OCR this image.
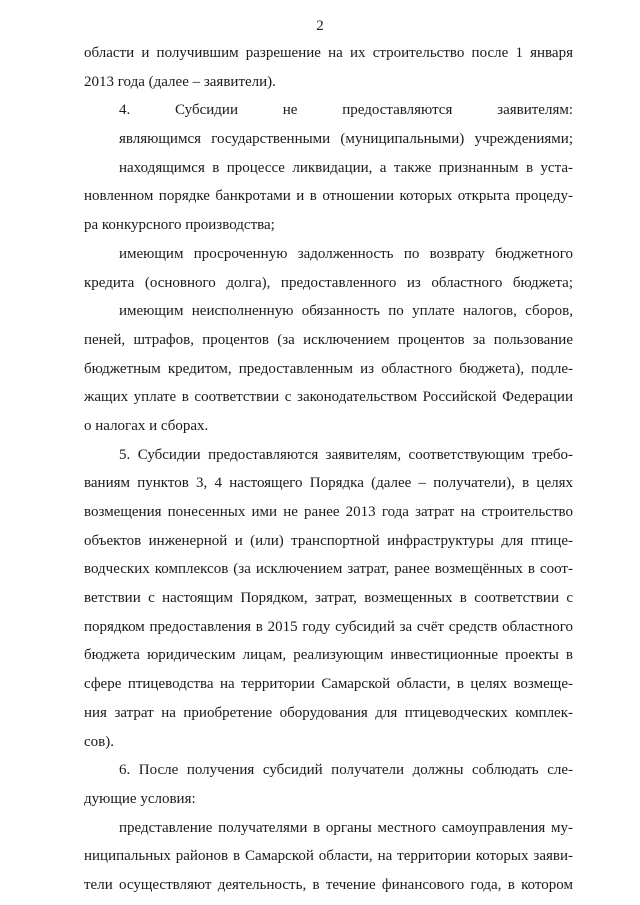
2
области и получившим разрешение на их строительство после 1 января
2013 года (далее – заявители).
4. Субсидии не предоставляются заявителям:
являющимся государственными (муниципальными) учреждениями;
находящимся в процессе ликвидации, а также признанным в уста-
новленном порядке банкротами и в отношении которых открыта процеду-
ра конкурсного производства;
имеющим просроченную задолженность по возврату бюджетного
кредита (основного долга), предоставленного из областного бюджета;
имеющим неисполненную обязанность по уплате налогов, сборов,
пеней, штрафов, процентов (за исключением процентов за пользование
бюджетным кредитом, предоставленным из областного бюджета), подле-
жащих уплате в соответствии с законодательством Российской Федерации
о налогах и сборах.
5. Субсидии предоставляются заявителям, соответствующим требо-
ваниям пунктов 3, 4 настоящего Порядка (далее – получатели), в целях
возмещения понесенных ими не ранее 2013 года затрат на строительство
объектов инженерной и (или) транспортной инфраструктуры для птице-
водческих комплексов (за исключением затрат, ранее возмещённых в соот-
ветствии с настоящим Порядком, затрат, возмещенных в соответствии с
порядком предоставления в 2015 году субсидий за счёт средств областного
бюджета юридическим лицам, реализующим инвестиционные проекты в
сфере птицеводства на территории Самарской области, в целях возмеще-
ния затрат на приобретение оборудования для птицеводческих комплек-
сов).
6. После получения субсидий получатели должны соблюдать сле-
дующие условия:
представление получателями в органы местного самоуправления му-
ниципальных районов в Самарской области, на территории которых заяви-
тели осуществляют деятельность, в течение финансового года, в котором
